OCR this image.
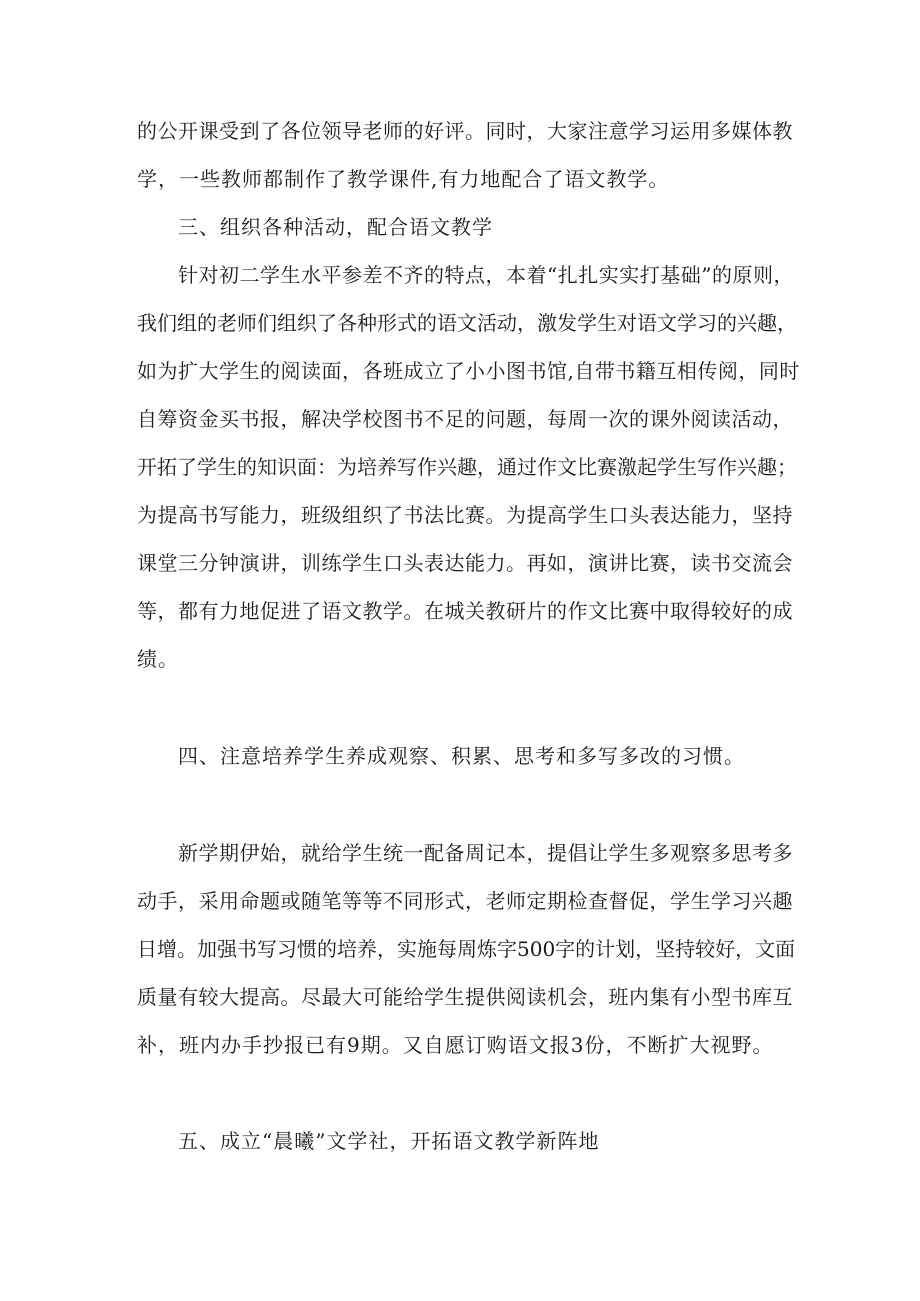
的公开课受到了各位领导老师的好评。同时，大家注意学习运用多媒体教
学，一些教师都制作了教学课件,有力地配合了语文教学。
三、组织各种活动，配合语文教学
针对初二学生水平参差不齐的特点，本着“扎扎实实打基础”的原则，
我们组的老师们组织了各种形式的语文活动，激发学生对语文学习的兴趣，
如为扩大学生的阅读面，各班成立了小小图书馆,自带书籍互相传阅，同时
自筹资金买书报，解决学校图书不足的问题，每周一次的课外阅读活动，
开拓了学生的知识面：为培养写作兴趣，通过作文比赛激起学生写作兴趣；
为提高书写能力，班级组织了书法比赛。为提高学生口头表达能力，坚持
课堂三分钟演讲，训练学生口头表达能力。再如，演讲比赛，读书交流会
等，都有力地促进了语文教学。在城关教研片的作文比赛中取得较好的成
绩。
四、注意培养学生养成观察、积累、思考和多写多改的习惯。
新学期伊始，就给学生统一配备周记本，提倡让学生多观察多思考多
动手，采用命题或随笔等等不同形式，老师定期检查督促，学生学习兴趣
日增。加强书写习惯的培养，实施每周炼字500字的计划，坚持较好，文面
质量有较大提高。尽最大可能给学生提供阅读机会，班内集有小型书库互
补，班内办手抄报已有9期。又自愿订购语文报3份，不断扩大视野。
五、成立“晨曦”文学社，开拓语文教学新阵地
